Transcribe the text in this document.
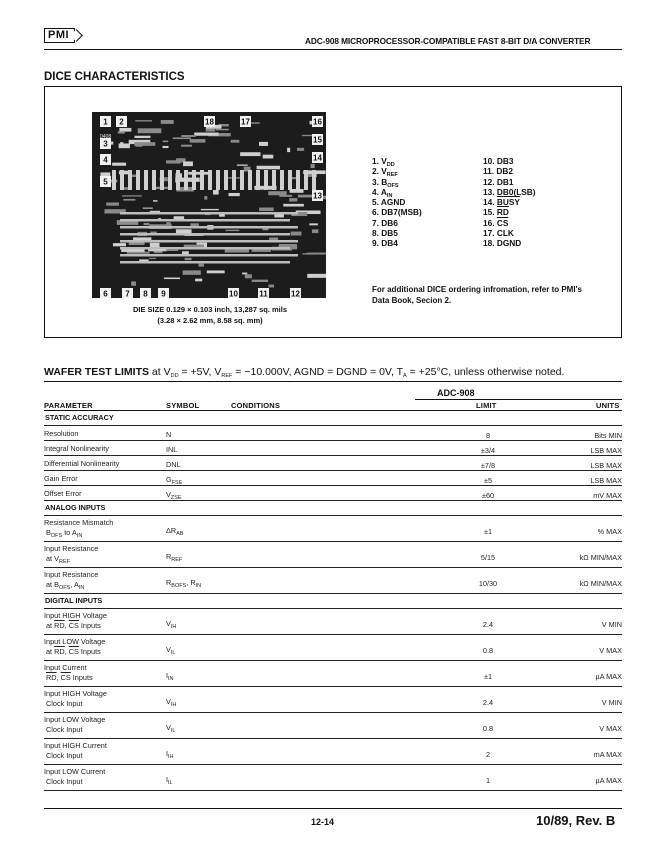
PMI	ADC-908 MICROPROCESSOR-COMPATIBLE FAST 8-BIT D/A CONVERTER
DICE CHARACTERISTICS
1 2
3
4
5
6 7 8 9	10	11	12
13
14
15
16
17
18
0408
DIE SIZE 0.129 × 0.103 inch, 13,287 sq. mils
(3.28 × 2.62 mm, 8.58 sq. mm)
1. $V_{DD}$
2. $V_{REF}$
3. $B_{OFS}$
4. $A_{IN}$
5. AGND
6. DB7(MSB)
7. DB6
8. DB5
9. DB4
10. DB3
11. DB2
12. DB1
13. DB0(LSB)
14. BUSY
15. $\overline{RD}$
16. $\overline{CS}$
17. CLK
18. DGND
For additional DICE ordering infromation, refer to PMI's Data Book, Secion 2.
WAFER TEST LIMITS at $V_{DD} = +5V$, $V_{REF} = -10.000V$, AGND = DGND = 0V, $T_A = +25^\circ C$, unless otherwise noted.
ADC-908
PARAMETER	SYMBOL	CONDITIONS	LIMIT	UNITS
STATIC ACCURACY
Resolution	N	8	Bits MIN
Integral Nonlinearity	INL	±3/4	LSB MAX
Differential Nonlinearity	DNL	±7/8	LSB MAX
Gain Error	$G_{FSE}$	±5	LSB MAX
Offset Error	$V_{ZSE}$	±60	mV MAX
ANALOG INPUTS
Resistance Mismatch
$B_{OFS}$ to $A_{IN}$
$\Delta R_{AB}$	±1	% MAX
Input Resistance
at $V_{REF}$
$R_{REF}$	5/15	kΩ MIN/MAX
Input Resistance
at $B_{OFS}$, $A_{IN}$
$R_{BOFS}$, $R_{IN}$	10/30	kΩ MIN/MAX
DIGITAL INPUTS
Input HIGH Voltage
at $\overline{RD}$, $\overline{CS}$ Inputs	$V_{IH}$	2.4	V MIN
Input LOW Voltage
at $\overline{RD}$, $\overline{CS}$ Inputs	$V_{IL}$	0.8	V MAX
Input Current
$\overline{RD}$, $\overline{CS}$ Inputs	$I_{IN}$	±1	µA MAX
Input HIGH Voltage
Clock Input	$V_{IH}$	2.4	V MIN
Input LOW Voltage
Clock Input	$V_{IL}$	0.8	V MAX
Input HIGH Current
Clock Input	$I_{IH}$	2	mA MAX
Input LOW Current
Clock Input	$I_{IL}$	1	µA MAX
12-14	10/89, Rev. B
